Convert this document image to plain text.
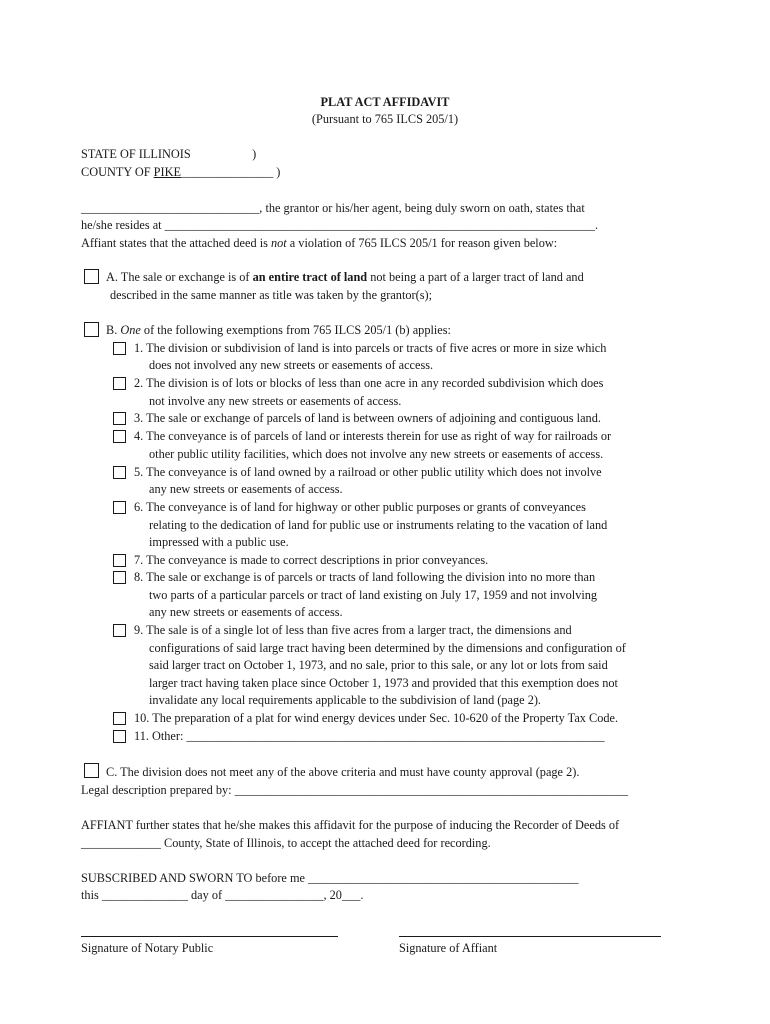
PLAT ACT AFFIDAVIT
(Pursuant to 765 ILCS 205/1)
STATE OF ILLINOIS                    )
COUNTY OF PIKE_______________ )
_____________________________, the grantor or his/her agent, being duly sworn on oath, states that
he/she resides at ______________________________________________________________________.
Affiant states that the attached deed is not a violation of 765 ILCS 205/1 for reason given below:
A. The sale or exchange is of an entire tract of land not being a part of a larger tract of land and
described in the same manner as title was taken by the grantor(s);
B. One of the following exemptions from 765 ILCS 205/1 (b) applies:
1. The division or subdivision of land is into parcels or tracts of five acres or more in size which
does not involved any new streets or easements of access.
2. The division is of lots or blocks of less than one acre in any recorded subdivision which does
not involve any new streets or easements of access.
3. The sale or exchange of parcels of land is between owners of adjoining and contiguous land.
4. The conveyance is of parcels of land or interests therein for use as right of way for railroads or
other public utility facilities, which does not involve any new streets or easements of access.
5. The conveyance is of land owned by a railroad or other public utility which does not involve
any new streets or easements of access.
6. The conveyance is of land for highway or other public purposes or grants of conveyances
relating to the dedication of land for public use or instruments relating to the vacation of land
impressed with a public use.
7. The conveyance is made to correct descriptions in prior conveyances.
8. The sale or exchange is of parcels or tracts of land following the division into no more than
two parts of a particular parcels or tract of land existing on July 17, 1959 and not involving
any new streets or easements of access.
9. The sale is of a single lot of less than five acres from a larger tract, the dimensions and
configurations of said large tract having been determined by the dimensions and configuration of
said larger tract on October 1, 1973, and no sale, prior to this sale, or any lot or lots from said
larger tract having taken place since October 1, 1973 and provided that this exemption does not
invalidate any local requirements applicable to the subdivision of land (page 2).
10. The preparation of a plat for wind energy devices under Sec. 10-620 of the Property Tax Code.
11. Other: ____________________________________________________________________
C. The division does not meet any of the above criteria and must have county approval (page 2).
Legal description prepared by: ________________________________________________________________
AFFIANT further states that he/she makes this affidavit for the purpose of inducing the Recorder of Deeds of
_____________ County, State of Illinois, to accept the attached deed for recording.
SUBSCRIBED AND SWORN TO before me ____________________________________________
this ______________ day of ________________, 20___.
Signature of Notary Public	Signature of Affiant
